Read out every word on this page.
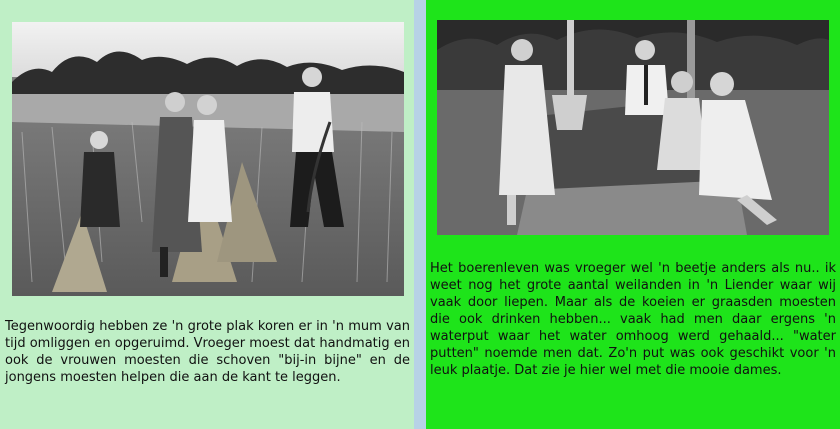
Tegenwoordig hebben ze 'n grote plak koren er in 'n mum van tijd omliggen en opgeruimd. Vroeger moest dat handmatig en ook de vrouwen moesten die schoven "bij-in bijne" en de jongens moesten helpen die aan de kant te leggen.

Het boerenleven was vroeger wel 'n beetje anders als nu.. ik weet nog het grote aantal weilanden in 'n Liender waar wij vaak door liepen. Maar als de koeien er graasden moesten die ook drinken hebben... vaak had men daar ergens 'n waterput waar het water omhoog werd gehaald... "water putten" noemde men dat. Zo'n put was ook geschikt voor 'n leuk plaatje. Dat zie je hier wel met die mooie dames.
